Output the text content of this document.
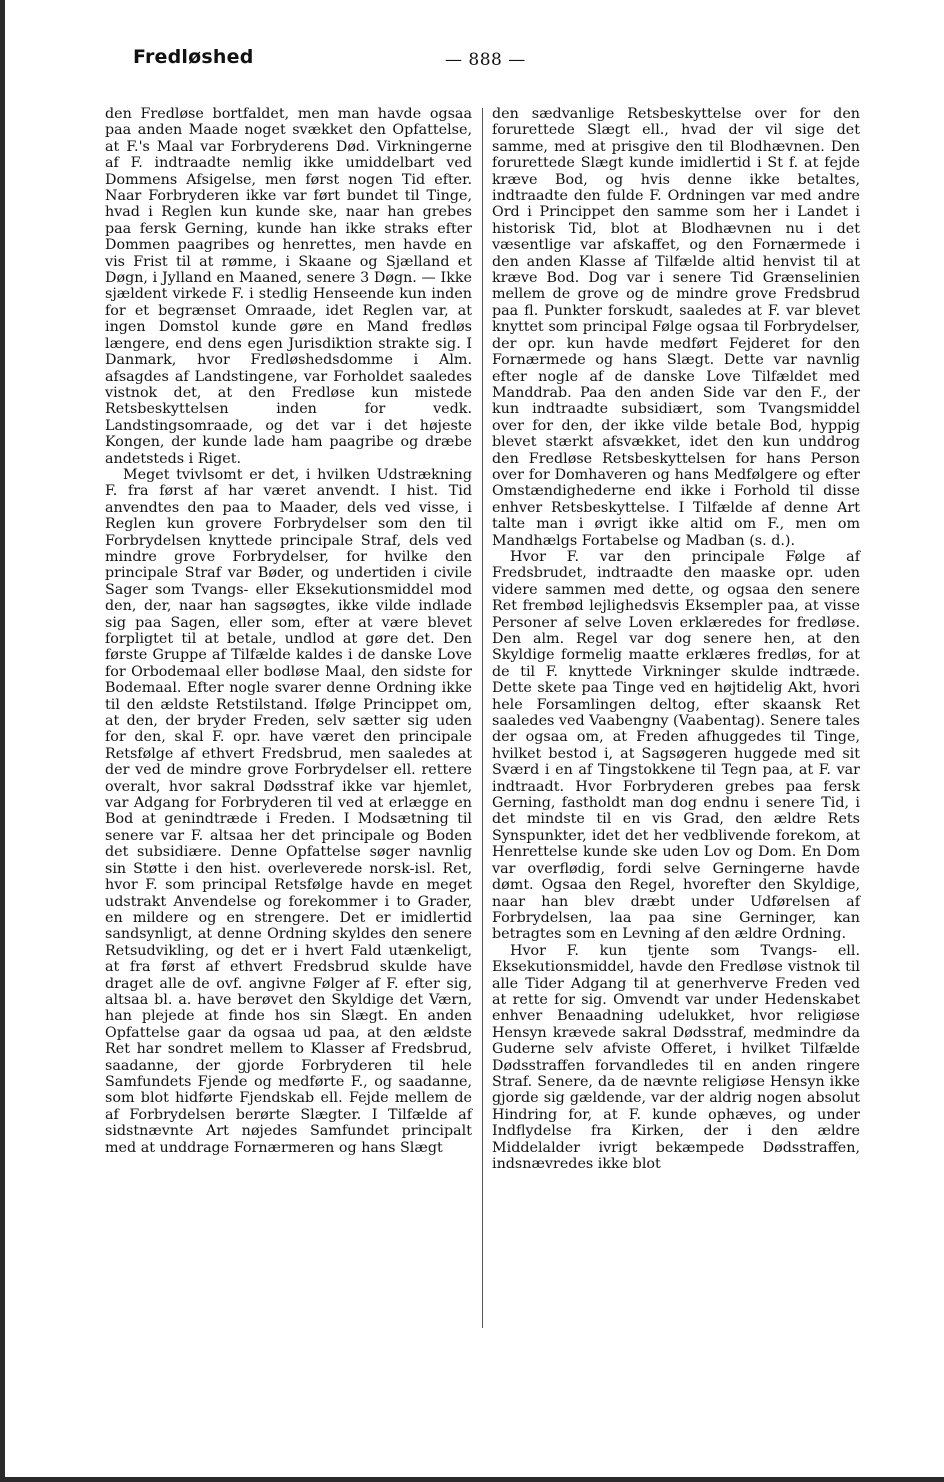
Fredløshed	— 888 —

den Fredløse bortfaldet, men man havde ogsaa paa anden Maade noget svækket den Opfattelse, at F.'s Maal var Forbryderens Død. Virkningerne af F. indtraadte nemlig ikke umiddelbart ved Dommens Afsigelse, men først nogen Tid efter. Naar Forbryderen ikke var ført bundet til Tinge, hvad i Reglen kun kunde ske, naar han grebes paa fersk Gerning, kunde han ikke straks efter Dommen paagribes og henrettes, men havde en vis Frist til at rømme, i Skaane og Sjælland et Døgn, i Jylland en Maaned, senere 3 Døgn. — Ikke sjældent virkede F. i stedlig Henseende kun inden for et begrænset Omraade, idet Reglen var, at ingen Domstol kunde gøre en Mand fredløs længere, end dens egen Jurisdiktion strakte sig. I Danmark, hvor Fredløshedsdomme i Alm. afsagdes af Landstingene, var Forholdet saaledes vistnok det, at den Fredløse kun mistede Retsbeskyttelsen inden for vedk. Landstingsomraade, og det var i det højeste Kongen, der kunde lade ham paagribe og dræbe andetsteds i Riget.

Meget tvivlsomt er det, i hvilken Udstrækning F. fra først af har været anvendt. I hist. Tid anvendtes den paa to Maader, dels ved visse, i Reglen kun grovere Forbrydelser som den til Forbrydelsen knyttede principale Straf, dels ved mindre grove Forbrydelser, for hvilke den principale Straf var Bøder, og undertiden i civile Sager som Tvangs- eller Eksekutionsmiddel mod den, der, naar han sagsøgtes, ikke vilde indlade sig paa Sagen, eller som, efter at være blevet forpligtet til at betale, undlod at gøre det. Den første Gruppe af Tilfælde kaldes i de danske Love for Orbodemaal eller bodløse Maal, den sidste for Bodemaal. Efter nogle svarer denne Ordning ikke til den ældste Retstilstand. Ifølge Princippet om, at den, der bryder Freden, selv sætter sig uden for den, skal F. opr. have været den principale Retsfølge af ethvert Fredsbrud, men saaledes at der ved de mindre grove Forbrydelser ell. rettere overalt, hvor sakral Dødsstraf ikke var hjemlet, var Adgang for Forbryderen til ved at erlægge en Bod at genindtræde i Freden. I Modsætning til senere var F. altsaa her det principale og Boden det subsidiære. Denne Opfattelse søger navnlig sin Støtte i den hist. overleverede norsk-isl. Ret, hvor F. som principal Retsfølge havde en meget udstrakt Anvendelse og forekommer i to Grader, en mildere og en strengere. Det er imidlertid sandsynligt, at denne Ordning skyldes den senere Retsudvikling, og det er i hvert Fald utænkeligt, at fra først af ethvert Fredsbrud skulde have draget alle de ovf. angivne Følger af F. efter sig, altsaa bl. a. have berøvet den Skyldige det Værn, han plejede at finde hos sin Slægt. En anden Opfattelse gaar da ogsaa ud paa, at den ældste Ret har sondret mellem to Klasser af Fredsbrud, saadanne, der gjorde Forbryderen til hele Samfundets Fjende og medførte F., og saadanne, som blot hidførte Fjendskab ell. Fejde mellem de af Forbrydelsen berørte Slægter. I Tilfælde af sidstnævnte Art nøjedes Samfundet principalt med at unddrage Fornærmeren og hans Slægt

den sædvanlige Retsbeskyttelse over for den forurettede Slægt ell., hvad der vil sige det samme, med at prisgive den til Blodhævnen. Den forurettede Slægt kunde imidlertid i St f. at fejde kræve Bod, og hvis denne ikke betaltes, indtraadte den fulde F. Ordningen var med andre Ord i Princippet den samme som her i Landet i historisk Tid, blot at Blodhævnen nu i det væsentlige var afskaffet, og den Fornærmede i den anden Klasse af Tilfælde altid henvist til at kræve Bod. Dog var i senere Tid Grænselinien mellem de grove og de mindre grove Fredsbrud paa fl. Punkter forskudt, saaledes at F. var blevet knyttet som principal Følge ogsaa til Forbrydelser, der opr. kun havde medført Fejderet for den Fornærmede og hans Slægt. Dette var navnlig efter nogle af de danske Love Tilfældet med Manddrab. Paa den anden Side var den F., der kun indtraadte subsidiært, som Tvangsmiddel over for den, der ikke vilde betale Bod, hyppig blevet stærkt afsvækket, idet den kun unddrog den Fredløse Retsbeskyttelsen for hans Person over for Domhaveren og hans Medfølgere og efter Omstændighederne end ikke i Forhold til disse enhver Retsbeskyttelse. I Tilfælde af denne Art talte man i øvrigt ikke altid om F., men om Mandhælgs Fortabelse og Madban (s. d.).

Hvor F. var den principale Følge af Fredsbrudet, indtraadte den maaske opr. uden videre sammen med dette, og ogsaa den senere Ret frembød lejlighedsvis Eksempler paa, at visse Personer af selve Loven erklæredes for fredløse. Den alm. Regel var dog senere hen, at den Skyldige formelig maatte erklæres fredløs, for at de til F. knyttede Virkninger skulde indtræde. Dette skete paa Tinge ved en højtidelig Akt, hvori hele Forsamlingen deltog, efter skaansk Ret saaledes ved Vaabengny (Vaabentag). Senere tales der ogsaa om, at Freden afhuggedes til Tinge, hvilket bestod i, at Sagsøgeren huggede med sit Sværd i en af Tingstokkene til Tegn paa, at F. var indtraadt. Hvor Forbryderen grebes paa fersk Gerning, fastholdt man dog endnu i senere Tid, i det mindste til en vis Grad, den ældre Rets Synspunkter, idet det her vedblivende forekom, at Henrettelse kunde ske uden Lov og Dom. En Dom var overflødig, fordi selve Gerningerne havde dømt. Ogsaa den Regel, hvorefter den Skyldige, naar han blev dræbt under Udførelsen af Forbrydelsen, laa paa sine Gerninger, kan betragtes som en Levning af den ældre Ordning.

Hvor F. kun tjente som Tvangs- ell. Eksekutionsmiddel, havde den Fredløse vistnok til alle Tider Adgang til at generhverve Freden ved at rette for sig. Omvendt var under Hedenskabet enhver Benaadning udelukket, hvor religiøse Hensyn krævede sakral Dødsstraf, medmindre da Guderne selv afviste Offeret, i hvilket Tilfælde Dødsstraffen forvandledes til en anden ringere Straf. Senere, da de nævnte religiøse Hensyn ikke gjorde sig gældende, var der aldrig nogen absolut Hindring for, at F. kunde ophæves, og under Indflydelse fra Kirken, der i den ældre Middelalder ivrigt bekæmpede Dødsstraffen, indsnævredes ikke blot
